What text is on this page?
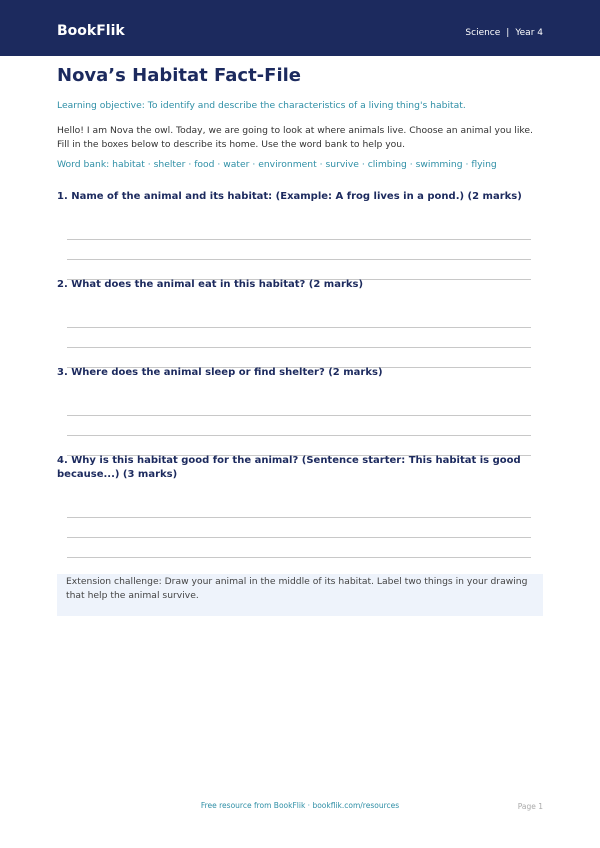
BookFlik	Science | Year 4
Nova’s Habitat Fact-File
Learning objective: To identify and describe the characteristics of a living thing's habitat.
Hello! I am Nova the owl. Today, we are going to look at where animals live. Choose an animal you like. Fill in the boxes below to describe its home. Use the word bank to help you.
Word bank: habitat · shelter · food · water · environment · survive · climbing · swimming · flying
1. Name of the animal and its habitat: (Example: A frog lives in a pond.) (2 marks)
2. What does the animal eat in this habitat? (2 marks)
3. Where does the animal sleep or find shelter? (2 marks)
4. Why is this habitat good for the animal? (Sentence starter: This habitat is good because...) (3 marks)
Extension challenge: Draw your animal in the middle of its habitat. Label two things in your drawing that help the animal survive.
Free resource from BookFlik · bookflik.com/resources	Page 1
